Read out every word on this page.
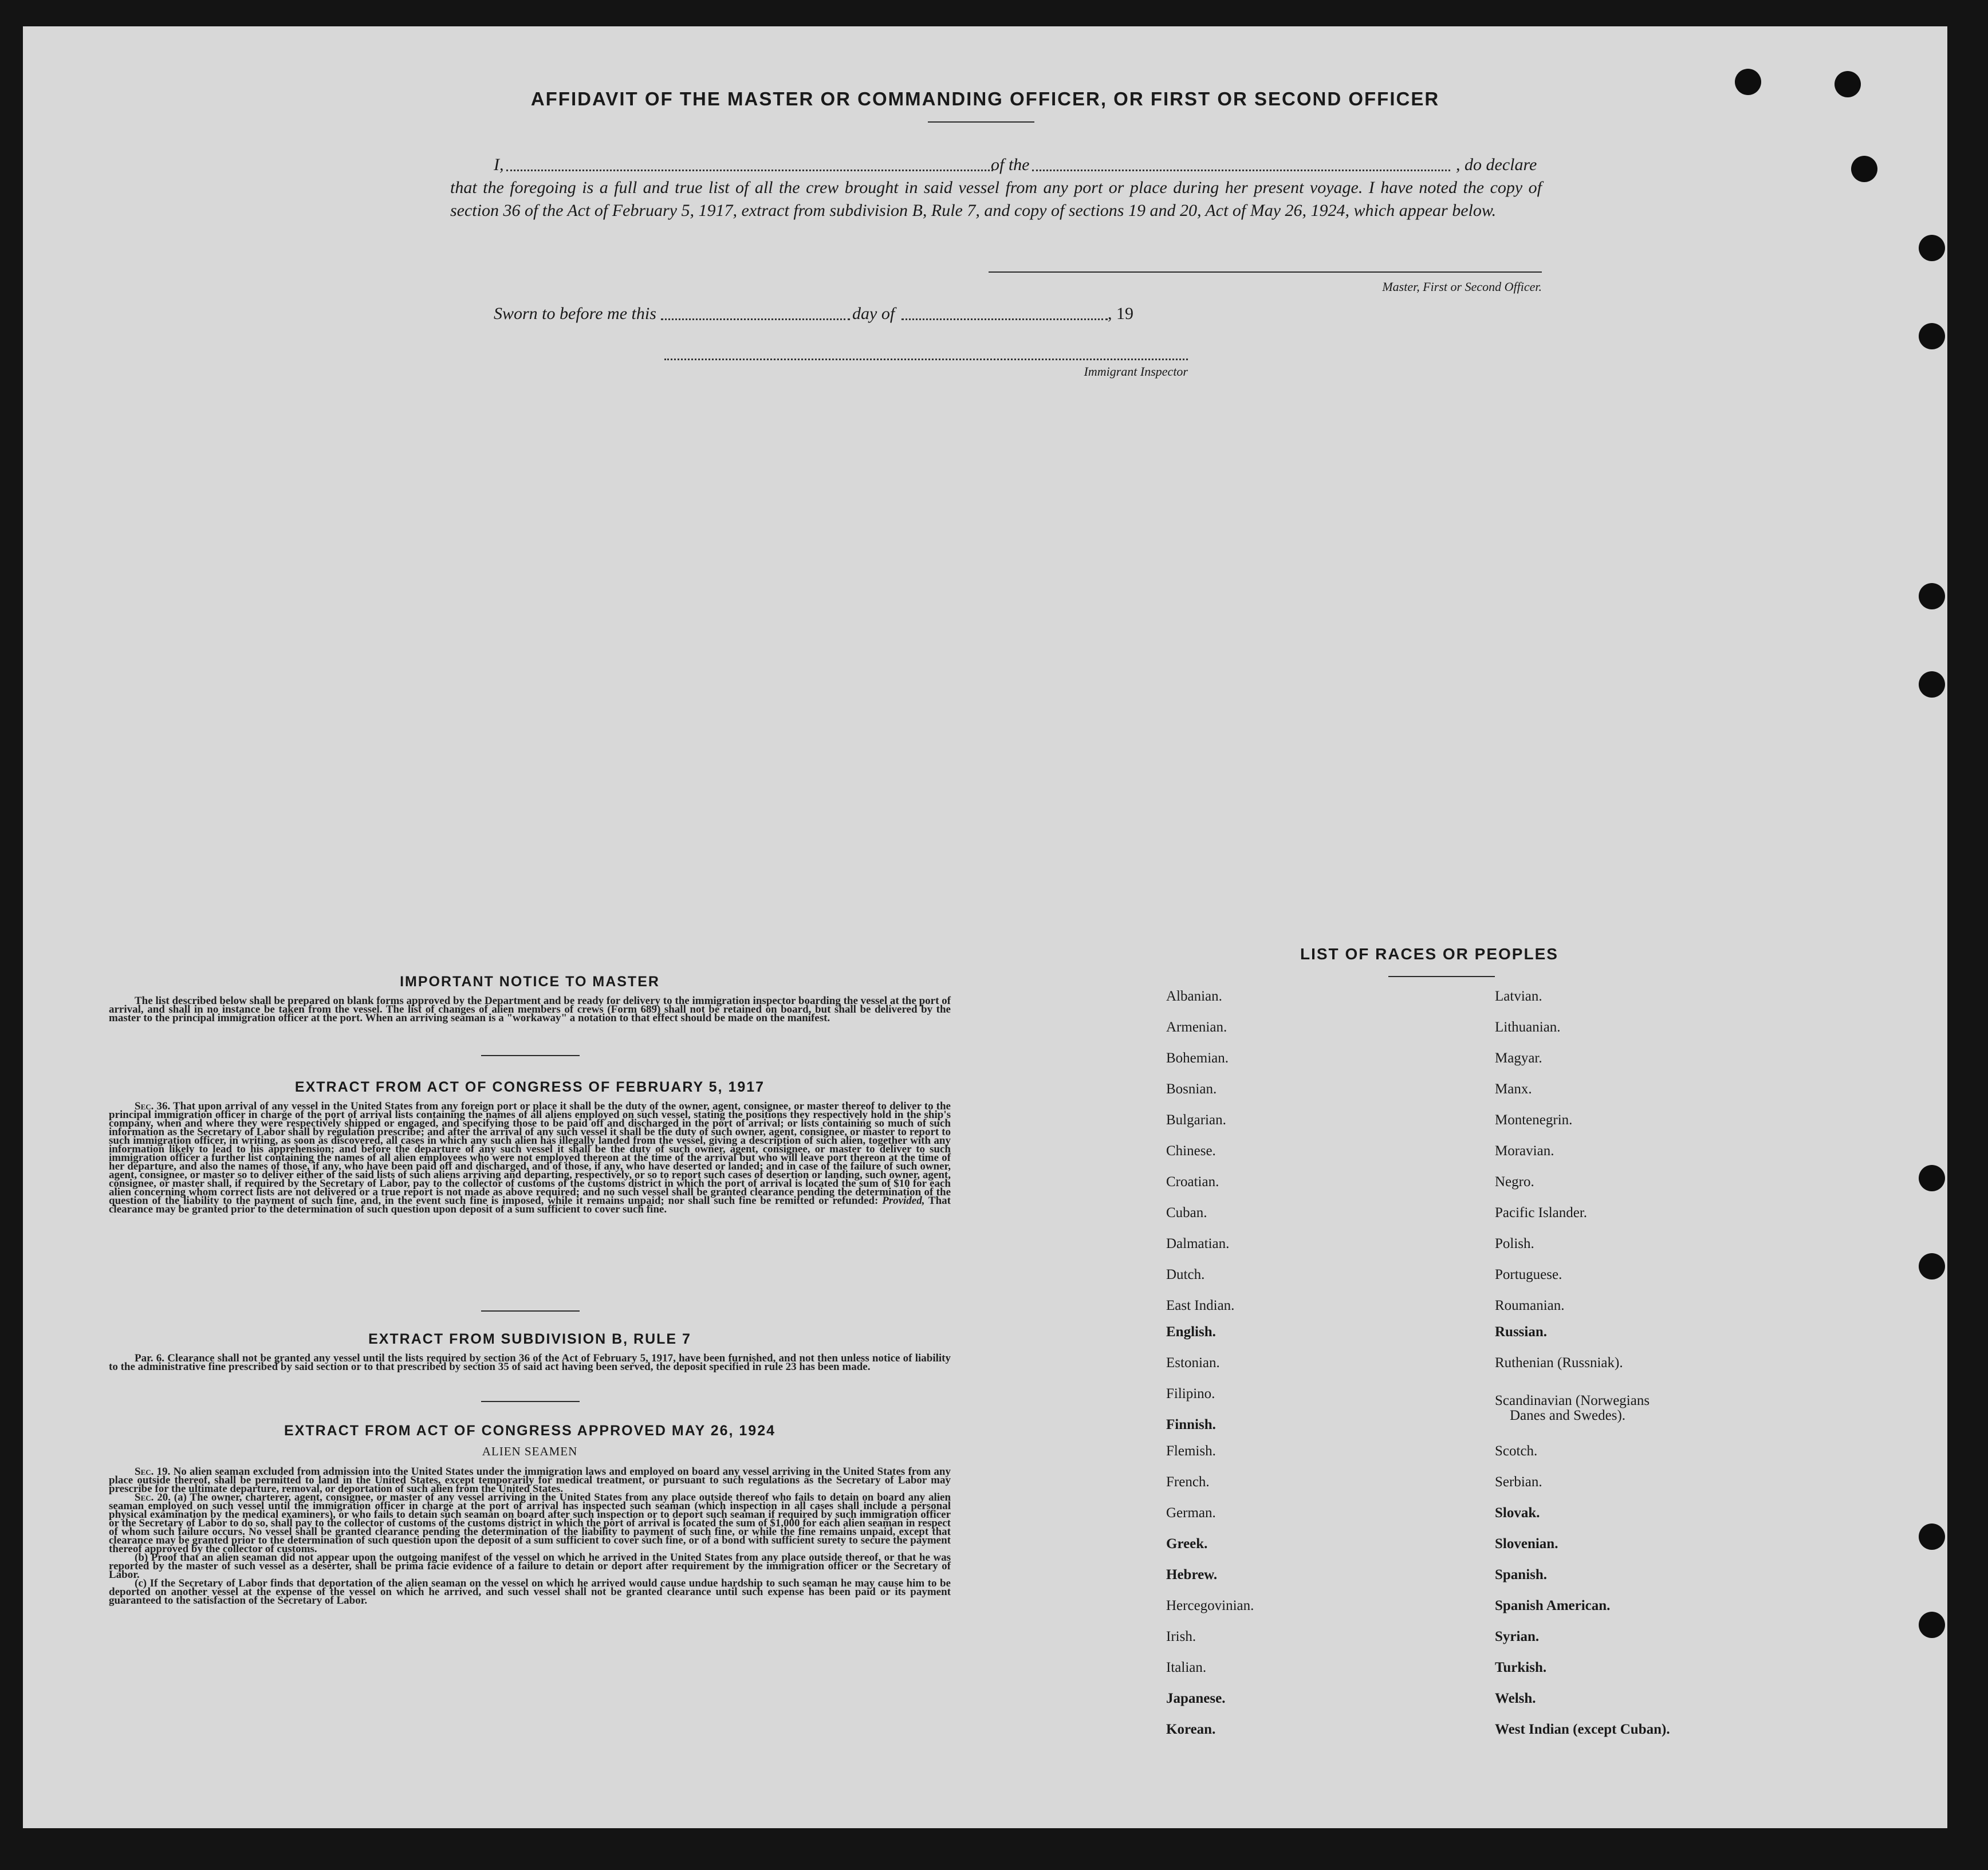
AFFIDAVIT OF THE MASTER OR COMMANDING OFFICER, OR FIRST OR SECOND OFFICER
I,	of the	, do declare
that the foregoing is a full and true list of all the crew brought in said vessel from any port or place during her present voyage. I have noted the copy of section 36 of the Act of February 5, 1917, extract from subdivision B, Rule 7, and copy of sections 19 and 20, Act of May 26, 1924, which appear below.
Master, First or Second Officer.
Sworn to before me this	day of	, 19
Immigrant Inspector
IMPORTANT NOTICE TO MASTER
The list described below shall be prepared on blank forms approved by the Department and be ready for delivery to the immigration inspector boarding the vessel at the port of arrival, and shall in no instance be taken from the vessel. The list of changes of alien members of crews (Form 689) shall not be retained on board, but shall be delivered by the master to the principal immigration officer at the port. When an arriving seaman is a "workaway" a notation to that effect should be made on the manifest.
EXTRACT FROM ACT OF CONGRESS OF FEBRUARY 5, 1917
Sec. 36. That upon arrival of any vessel in the United States from any foreign port or place it shall be the duty of the owner, agent, consignee, or master thereof to deliver to the principal immigration officer in charge of the port of arrival lists containing the names of all aliens employed on such vessel, stating the positions they respectively hold in the ship's company, when and where they were respectively shipped or engaged, and specifying those to be paid off and discharged in the port of arrival; or lists containing so much of such information as the Secretary of Labor shall by regulation prescribe; and after the arrival of any such vessel it shall be the duty of such owner, agent, consignee, or master to report to such immigration officer, in writing, as soon as discovered, all cases in which any such alien has illegally landed from the vessel, giving a description of such alien, together with any information likely to lead to his apprehension; and before the departure of any such vessel it shall be the duty of such owner, agent, consignee, or master to deliver to such immigration officer a further list containing the names of all alien employees who were not employed thereon at the time of the arrival but who will leave port thereon at the time of her departure, and also the names of those, if any, who have been paid off and discharged, and of those, if any, who have deserted or landed; and in case of the failure of such owner, agent, consignee, or master so to deliver either of the said lists of such aliens arriving and departing, respectively, or so to report such cases of desertion or landing, such owner, agent, consignee, or master shall, if required by the Secretary of Labor, pay to the collector of customs of the customs district in which the port of arrival is located the sum of $10 for each alien concerning whom correct lists are not delivered or a true report is not made as above required; and no such vessel shall be granted clearance pending the determination of the question of the liability to the payment of such fine, and, in the event such fine is imposed, while it remains unpaid; nor shall such fine be remitted or refunded: Provided, That clearance may be granted prior to the determination of such question upon deposit of a sum sufficient to cover such fine.
EXTRACT FROM SUBDIVISION B, RULE 7
Par. 6. Clearance shall not be granted any vessel until the lists required by section 36 of the Act of February 5, 1917, have been furnished, and not then unless notice of liability to the administrative fine prescribed by said section or to that prescribed by section 35 of said act having been served, the deposit specified in rule 23 has been made.
EXTRACT FROM ACT OF CONGRESS APPROVED MAY 26, 1924
ALIEN SEAMEN
Sec. 19. No alien seaman excluded from admission into the United States under the immigration laws and employed on board any vessel arriving in the United States from any place outside thereof, shall be permitted to land in the United States, except temporarily for medical treatment, or pursuant to such regulations as the Secretary of Labor may prescribe for the ultimate departure, removal, or deportation of such alien from the United States.
Sec. 20. (a) The owner, charterer, agent, consignee, or master of any vessel arriving in the United States from any place outside thereof who fails to detain on board any alien seaman employed on such vessel until the immigration officer in charge at the port of arrival has inspected such seaman (which inspection in all cases shall include a personal physical examination by the medical examiners), or who fails to detain such seaman on board after such inspection or to deport such seaman if required by such immigration officer or the Secretary of Labor to do so, shall pay to the collector of customs of the customs district in which the port of arrival is located the sum of $1,000 for each alien seaman in respect of whom such failure occurs. No vessel shall be granted clearance pending the determination of the liability to payment of such fine, or while the fine remains unpaid, except that clearance may be granted prior to the determination of such question upon the deposit of a sum sufficient to cover such fine, or of a bond with sufficient surety to secure the payment thereof approved by the collector of customs.
(b) Proof that an alien seaman did not appear upon the outgoing manifest of the vessel on which he arrived in the United States from any place outside thereof, or that he was reported by the master of such vessel as a deserter, shall be prima facie evidence of a failure to detain or deport after requirement by the immigration officer or the Secretary of Labor.
(c) If the Secretary of Labor finds that deportation of the alien seaman on the vessel on which he arrived would cause undue hardship to such seaman he may cause him to be deported on another vessel at the expense of the vessel on which he arrived, and such vessel shall not be granted clearance until such expense has been paid or its payment guaranteed to the satisfaction of the Secretary of Labor.
LIST OF RACES OR PEOPLES
Albanian.
Armenian.
Bohemian.
Bosnian.
Bulgarian.
Chinese.
Croatian.
Cuban.
Dalmatian.
Dutch.
East Indian.
English.
Estonian.
Filipino.
Finnish.
Flemish.
French.
German.
Greek.
Hebrew.
Hercegovinian.
Irish.
Italian.
Japanese.
Korean.
Latvian.
Lithuanian.
Magyar.
Manx.
Montenegrin.
Moravian.
Negro.
Pacific Islander.
Polish.
Portuguese.
Roumanian.
Russian.
Ruthenian (Russniak).
Scandinavian (Norwegians
Danes and Swedes).
Scotch.
Serbian.
Slovak.
Slovenian.
Spanish.
Spanish American.
Syrian.
Turkish.
Welsh.
West Indian (except Cuban).
